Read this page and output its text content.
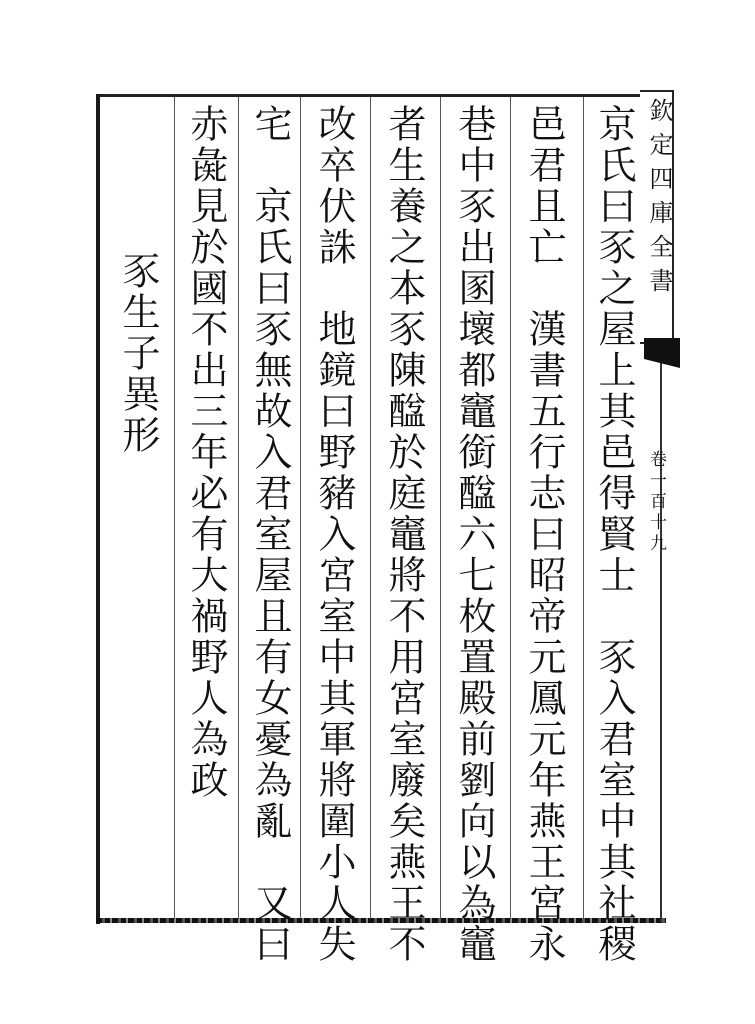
欽定四庫全書
卷一百十九
京氏曰豕之屋上其邑得賢士　豕入君室中其社稷
邑君且亡　漢書五行志曰昭帝元鳳元年燕王宮永
巷中豕出圂壞都竈銜䤈六七枚置殿前劉向以為竈
者生養之本豕陳䤈於庭竈將不用宮室廢矣燕王不
改卒伏誅　地鏡曰野豬入宮室中其軍將圍小人失
宅　京氏曰豕無故入君室屋且有女憂為亂　又曰
赤彘見於國不出三年必有大禍野人為政
　豕生子異形
